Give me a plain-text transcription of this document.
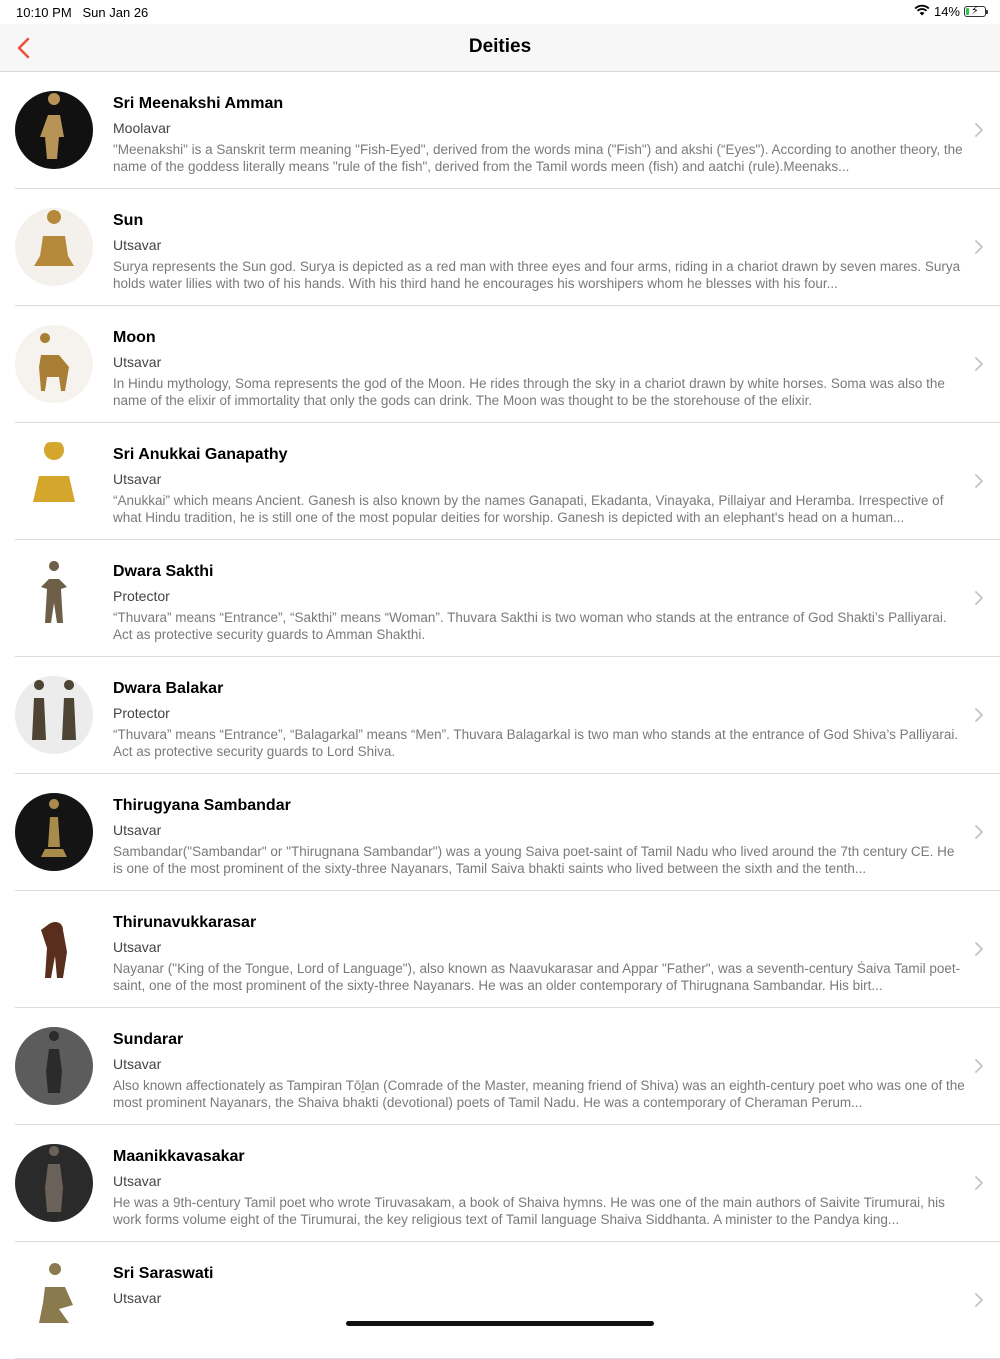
10:10 PM Sun Jan 26	14% ⚡
Deities
Sri Meenakshi Amman
Moolavar
"Meenakshi" is a Sanskrit term meaning "Fish-Eyed", derived from the words mina ("Fish") and akshi (“Eyes"). According to another theory, the name of the goddess literally means "rule of the fish", derived from the Tamil words meen (fish) and aatchi (rule).Meenaks...
Sun
Utsavar
Surya represents the Sun god. Surya is depicted as a red man with three eyes and four arms, riding in a chariot drawn by seven mares. Surya holds water lilies with two of his hands. With his third hand he encourages his worshipers whom he blesses with his four...
Moon
Utsavar
In Hindu mythology, Soma represents the god of the Moon. He rides through the sky in a chariot drawn by white horses. Soma was also the name of the elixir of immortality that only the gods can drink. The Moon was thought to be the storehouse of the elixir.
Sri Anukkai Ganapathy
Utsavar
“Anukkai” which means Ancient. Ganesh is also known by the names Ganapati, Ekadanta, Vinayaka, Pillaiyar and Heramba. Irrespective of what Hindu tradition, he is still one of the most popular deities for worship. Ganesh is depicted with an elephant's head on a human...
Dwara Sakthi
Protector
“Thuvara” means “Entrance”, “Sakthi” means “Woman”. Thuvara Sakthi is two woman who stands at the entrance of God Shakti’s Palliyarai. Act as protective security guards to Amman Shakthi.
Dwara Balakar
Protector
“Thuvara” means “Entrance”, “Balagarkal” means “Men”. Thuvara Balagarkal is two man who stands at the entrance of God Shiva’s Palliyarai. Act as protective security guards to Lord Shiva.
Thirugyana Sambandar
Utsavar
Sambandar("Sambandar" or "Thirugnana Sambandar") was a young Saiva poet-saint of Tamil Nadu who lived around the 7th century CE. He is one of the most prominent of the sixty-three Nayanars, Tamil Saiva bhakti saints who lived between the sixth and the tenth...
Thirunavukkarasar
Utsavar
Nayanar ("King of the Tongue, Lord of Language"), also known as Naavukarasar and Appar "Father", was a seventh-century Śaiva Tamil poet-saint, one of the most prominent of the sixty-three Nayanars. He was an older contemporary of Thirugnana Sambandar. His birt...
Sundarar
Utsavar
Also known affectionately as Tampiran Tōḻan (Comrade of the Master, meaning friend of Shiva) was an eighth-century poet who was one of the most prominent Nayanars, the Shaiva bhakti (devotional) poets of Tamil Nadu. He was a contemporary of Cheraman Perum...
Maanikkavasakar
Utsavar
He was a 9th-century Tamil poet who wrote Tiruvasakam, a book of Shaiva hymns. He was one of the main authors of Saivite Tirumurai, his work forms volume eight of the Tirumurai, the key religious text of Tamil language Shaiva Siddhanta. A minister to the Pandya king...
Sri Saraswati
Utsavar
